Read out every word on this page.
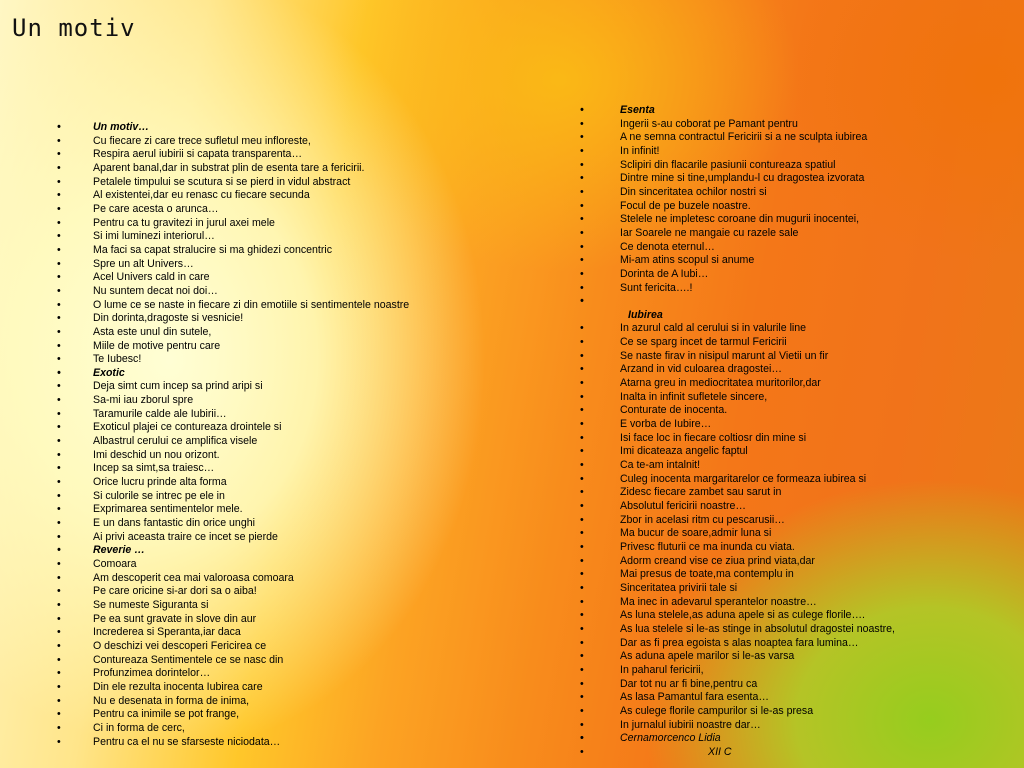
Un motiv
• Un motiv…
• Cu fiecare zi care trece sufletul meu infloreste,
• Respira aerul iubirii si capata transparenta…
• Aparent banal,dar in substrat plin de esenta tare a fericirii.
• Petalele timpului se scutura si se pierd in vidul abstract
• Al existentei,dar eu renasc cu fiecare secunda
• Pe care acesta o arunca…
• Pentru ca tu gravitezi in jurul axei mele
• Si imi luminezi interiorul…
• Ma faci sa capat stralucire si ma ghidezi concentric
• Spre un alt Univers…
• Acel Univers cald in care
• Nu suntem decat noi doi…
• O lume ce se naste in fiecare zi din emotiile si sentimentele noastre
• Din dorinta,dragoste si vesnicie!
• Asta este unul din sutele,
• Miile de motive pentru care
• Te Iubesc!
• Exotic
• Deja simt cum incep sa prind aripi si
• Sa-mi iau zborul spre
• Taramurile calde ale Iubirii…
• Exoticul plajei ce contureaza drointele si
• Albastrul cerului ce amplifica visele
• Imi deschid un nou orizont.
• Incep sa simt,sa traiesc…
• Orice lucru prinde alta forma
• Si culorile se intrec pe ele in
• Exprimarea sentimentelor mele.
• E un dans fantastic din orice unghi
• Ai privi aceasta traire ce incet se pierde
• Reverie …
• Comoara
• Am descoperit cea mai valoroasa comoara
• Pe care oricine si-ar dori sa o aiba!
• Se numeste Siguranta si
• Pe ea sunt gravate in slove din aur
• Increderea si Speranta,iar daca
• O deschizi vei descoperi Fericirea ce
• Contureaza Sentimentele ce se nasc din
• Profunzimea dorintelor…
• Din ele rezulta inocenta Iubirea care
• Nu e desenata in forma de inima,
• Pentru ca inimile se pot frange,
• Ci in forma de cerc,
• Pentru ca el nu se sfarseste niciodata…
• Esenta
• Ingerii s-au coborat pe Pamant pentru
• A ne semna contractul Fericirii si a ne sculpta iubirea
• In infinit!
• Sclipiri din flacarile pasiunii contureaza spatiul
• Dintre mine si tine,umplandu-l cu dragostea izvorata
• Din sinceritatea ochilor nostri si
• Focul de pe buzele noastre.
• Stelele ne impletesc coroane din mugurii inocentei,
• Iar Soarele ne mangaie cu razele sale
• Ce denota eternul…
• Mi-am atins scopul si anume
• Dorinta de A Iubi…
• Sunt fericita….!
• Iubirea
• In azurul cald al cerului si in valurile line
• Ce se sparg incet de tarmul Fericirii
• Se naste firav in nisipul marunt al Vietii un fir
• Arzand in vid culoarea dragostei…
• Atarna greu in mediocritatea muritorilor,dar
• Inalta in infinit sufletele sincere,
• Conturate de inocenta.
• E vorba de Iubire…
• Isi face loc in fiecare coltiosr din mine si
• Imi dicateaza angelic faptul
• Ca te-am intalnit!
• Culeg inocenta margaritarelor ce formeaza iubirea si
• Zidesc fiecare zambet sau sarut in
• Absolutul fericirii noastre…
• Zbor in acelasi ritm cu pescarusii…
• Ma bucur de soare,admir luna si
• Privesc fluturii ce ma inunda cu viata.
• Adorm creand vise ce ziua prind viata,dar
• Mai presus de toate,ma contemplu in
• Sinceritatea privirii tale si
• Ma inec in adevarul sperantelor noastre…
• As luna stelele,as aduna apele si as culege florile….
• As lua stelele si le-as stinge in absolutul dragostei noastre,
• Dar as fi prea egoista s alas noaptea fara lumina…
• As aduna apele marilor si le-as varsa
• In paharul fericirii,
• Dar tot nu ar fi bine,pentru ca
• As lasa Pamantul fara esenta…
• As culege florile campurilor si le-as presa
• In jurnalul iubirii noastre dar…
• Cernamorcenco Lidia
• XII C
